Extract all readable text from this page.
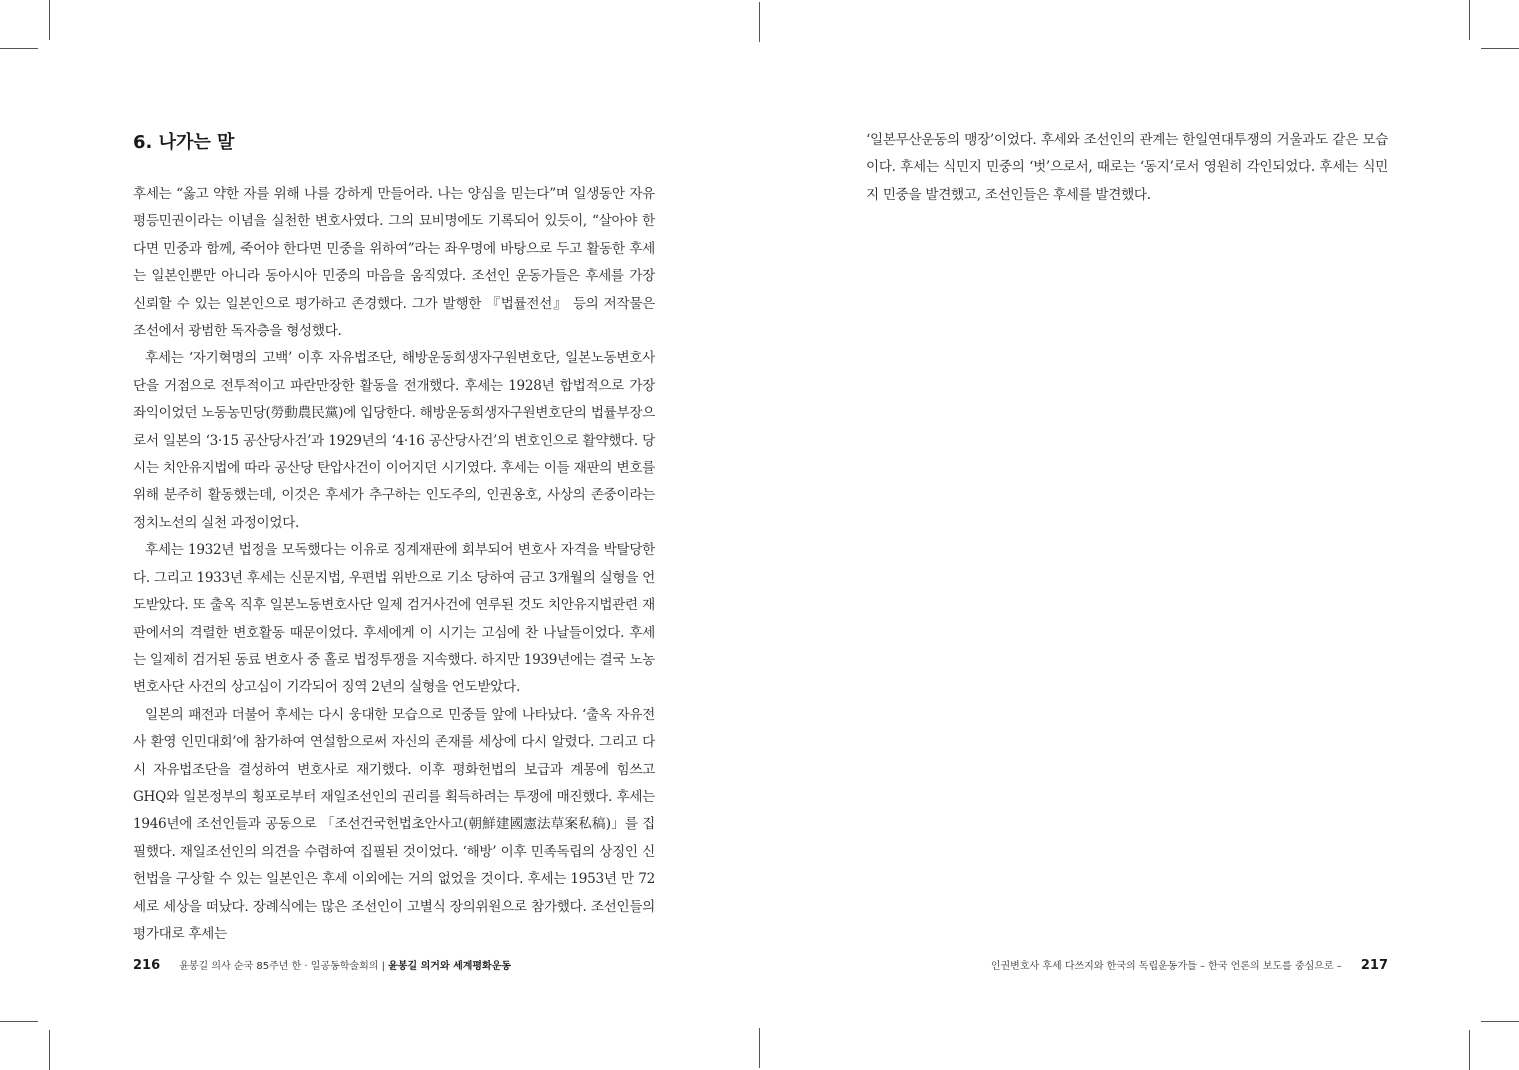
6. 나가는 말

후세는 “옳고 약한 자를 위해 나를 강하게 만들어라. 나는 양심을 믿는다”며 일생동안 자유평등민권이라는 이념을 실천한 변호사였다. 그의 묘비명에도 기록되어 있듯이, “살아야 한다면 민중과 함께, 죽어야 한다면 민중을 위하여”라는 좌우명에 바탕으로 두고 활동한 후세는 일본인뿐만 아니라 동아시아 민중의 마음을 움직였다. 조선인 운동가들은 후세를 가장 신뢰할 수 있는 일본인으로 평가하고 존경했다. 그가 발행한 『법률전선』 등의 저작물은 조선에서 광범한 독자층을 형성했다.

후세는 ‘자기혁명의 고백’ 이후 자유법조단, 해방운동희생자구원변호단, 일본노동변호사단을 거점으로 전투적이고 파란만장한 활동을 전개했다. 후세는 1928년 합법적으로 가장 좌익이었던 노동농민당(勞動農民黨)에 입당한다. 해방운동희생자구원변호단의 법률부장으로서 일본의 ‘3·15 공산당사건’과 1929년의 ‘4·16 공산당사건’의 변호인으로 활약했다. 당시는 치안유지법에 따라 공산당 탄압사건이 이어지던 시기였다. 후세는 이들 재판의 변호를 위해 분주히 활동했는데, 이것은 후세가 추구하는 인도주의, 인권옹호, 사상의 존중이라는 정치노선의 실천 과정이었다.

후세는 1932년 법정을 모독했다는 이유로 징계재판에 회부되어 변호사 자격을 박탈당한다. 그리고 1933년 후세는 신문지법, 우편법 위반으로 기소 당하여 금고 3개월의 실형을 언도받았다. 또 출옥 직후 일본노동변호사단 일제 검거사건에 연루된 것도 치안유지법관련 재판에서의 격렬한 변호활동 때문이었다. 후세에게 이 시기는 고심에 찬 나날들이었다. 후세는 일제히 검거된 동료 변호사 중 홀로 법정투쟁을 지속했다. 하지만 1939년에는 결국 노농변호사단 사건의 상고심이 기각되어 징역 2년의 실형을 언도받았다.

일본의 패전과 더불어 후세는 다시 웅대한 모습으로 민중들 앞에 나타났다. ‘출옥 자유전사 환영 인민대회’에 참가하여 연설함으로써 자신의 존재를 세상에 다시 알렸다. 그리고 다시 자유법조단을 결성하여 변호사로 재기했다. 이후 평화헌법의 보급과 계몽에 힘쓰고 GHQ와 일본정부의 횡포로부터 재일조선인의 권리를 획득하려는 투쟁에 매진했다. 후세는 1946년에 조선인들과 공동으로 「조선건국헌법초안사고(朝鮮建國憲法草案私稿)」를 집필했다. 재일조선인의 의견을 수렴하여 집필된 것이었다. ‘해방’ 이후 민족독립의 상징인 신헌법을 구상할 수 있는 일본인은 후세 이외에는 거의 없었을 것이다. 후세는 1953년 만 72세로 세상을 떠났다. 장례식에는 많은 조선인이 고별식 장의위원으로 참가했다. 조선인들의 평가대로 후세는

216 윤봉길 의사 순국 85주년 한 · 일공동학술회의 | 윤봉길 의거와 세계평화운동

‘일본무산운동의 맹장’이었다. 후세와 조선인의 관계는 한일연대투쟁의 거울과도 같은 모습이다. 후세는 식민지 민중의 ‘벗’으로서, 때로는 ‘동지’로서 영원히 각인되었다. 후세는 식민지 민중을 발견했고, 조선인들은 후세를 발견했다.

인권변호사 후세 다쓰지와 한국의 독립운동가들 – 한국 언론의 보도를 중심으로 – 217
